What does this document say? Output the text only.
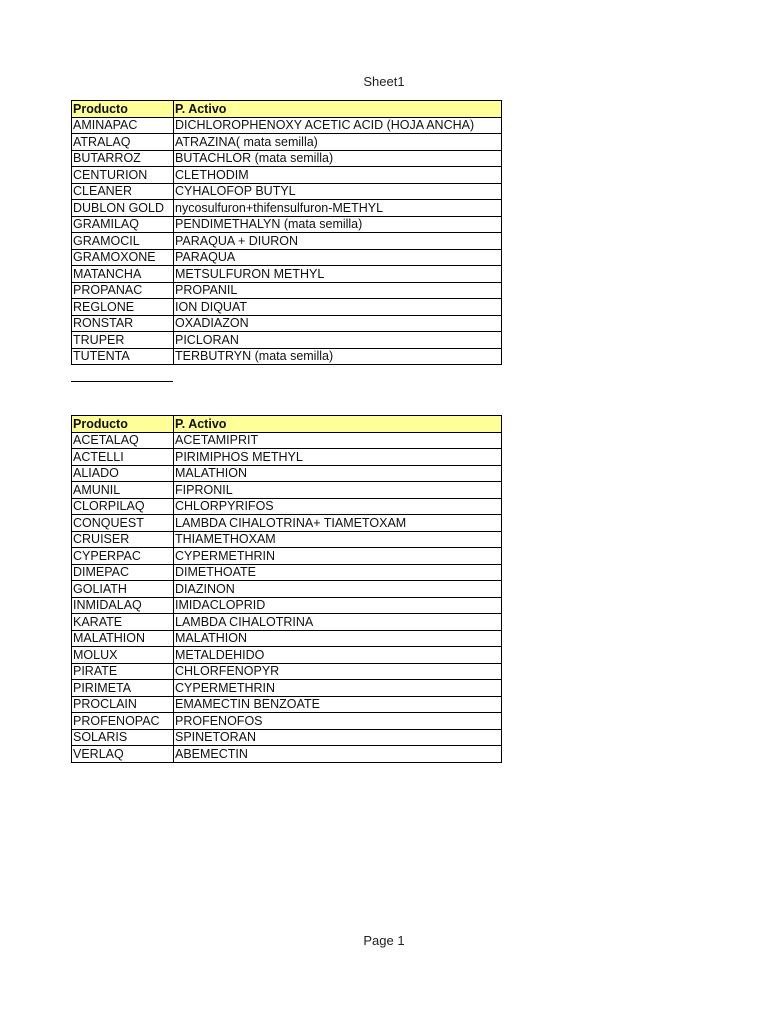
Sheet1
Producto	P. Activo
AMINAPAC	DICHLOROPHENOXY ACETIC ACID (HOJA ANCHA)
ATRALAQ	ATRAZINA( mata semilla)
BUTARROZ	BUTACHLOR (mata semilla)
CENTURION	CLETHODIM
CLEANER	CYHALOFOP BUTYL
DUBLON GOLD	nycosulfuron+thifensulfuron-METHYL
GRAMILAQ	PENDIMETHALYN (mata semilla)
GRAMOCIL	PARAQUA + DIURON
GRAMOXONE	PARAQUA
MATANCHA	METSULFURON METHYL
PROPANAC	PROPANIL
REGLONE	ION DIQUAT
RONSTAR	OXADIAZON
TRUPER	PICLORAN
TUTENTA	TERBUTRYN (mata semilla)
Producto	P. Activo
ACETALAQ	ACETAMIPRIT
ACTELLI	PIRIMIPHOS METHYL
ALIADO	MALATHION
AMUNIL	FIPRONIL
CLORPILAQ	CHLORPYRIFOS
CONQUEST	LAMBDA CIHALOTRINA+ TIAMETOXAM
CRUISER	THIAMETHOXAM
CYPERPAC	CYPERMETHRIN
DIMEPAC	DIMETHOATE
GOLIATH	DIAZINON
INMIDALAQ	IMIDACLOPRID
KARATE	LAMBDA CIHALOTRINA
MALATHION	MALATHION
MOLUX	METALDEHIDO
PIRATE	CHLORFENOPYR
PIRIMETA	CYPERMETHRIN
PROCLAIN	EMAMECTIN BENZOATE
PROFENOPAC	PROFENOFOS
SOLARIS	SPINETORAN
VERLAQ	ABEMECTIN
Page 1
